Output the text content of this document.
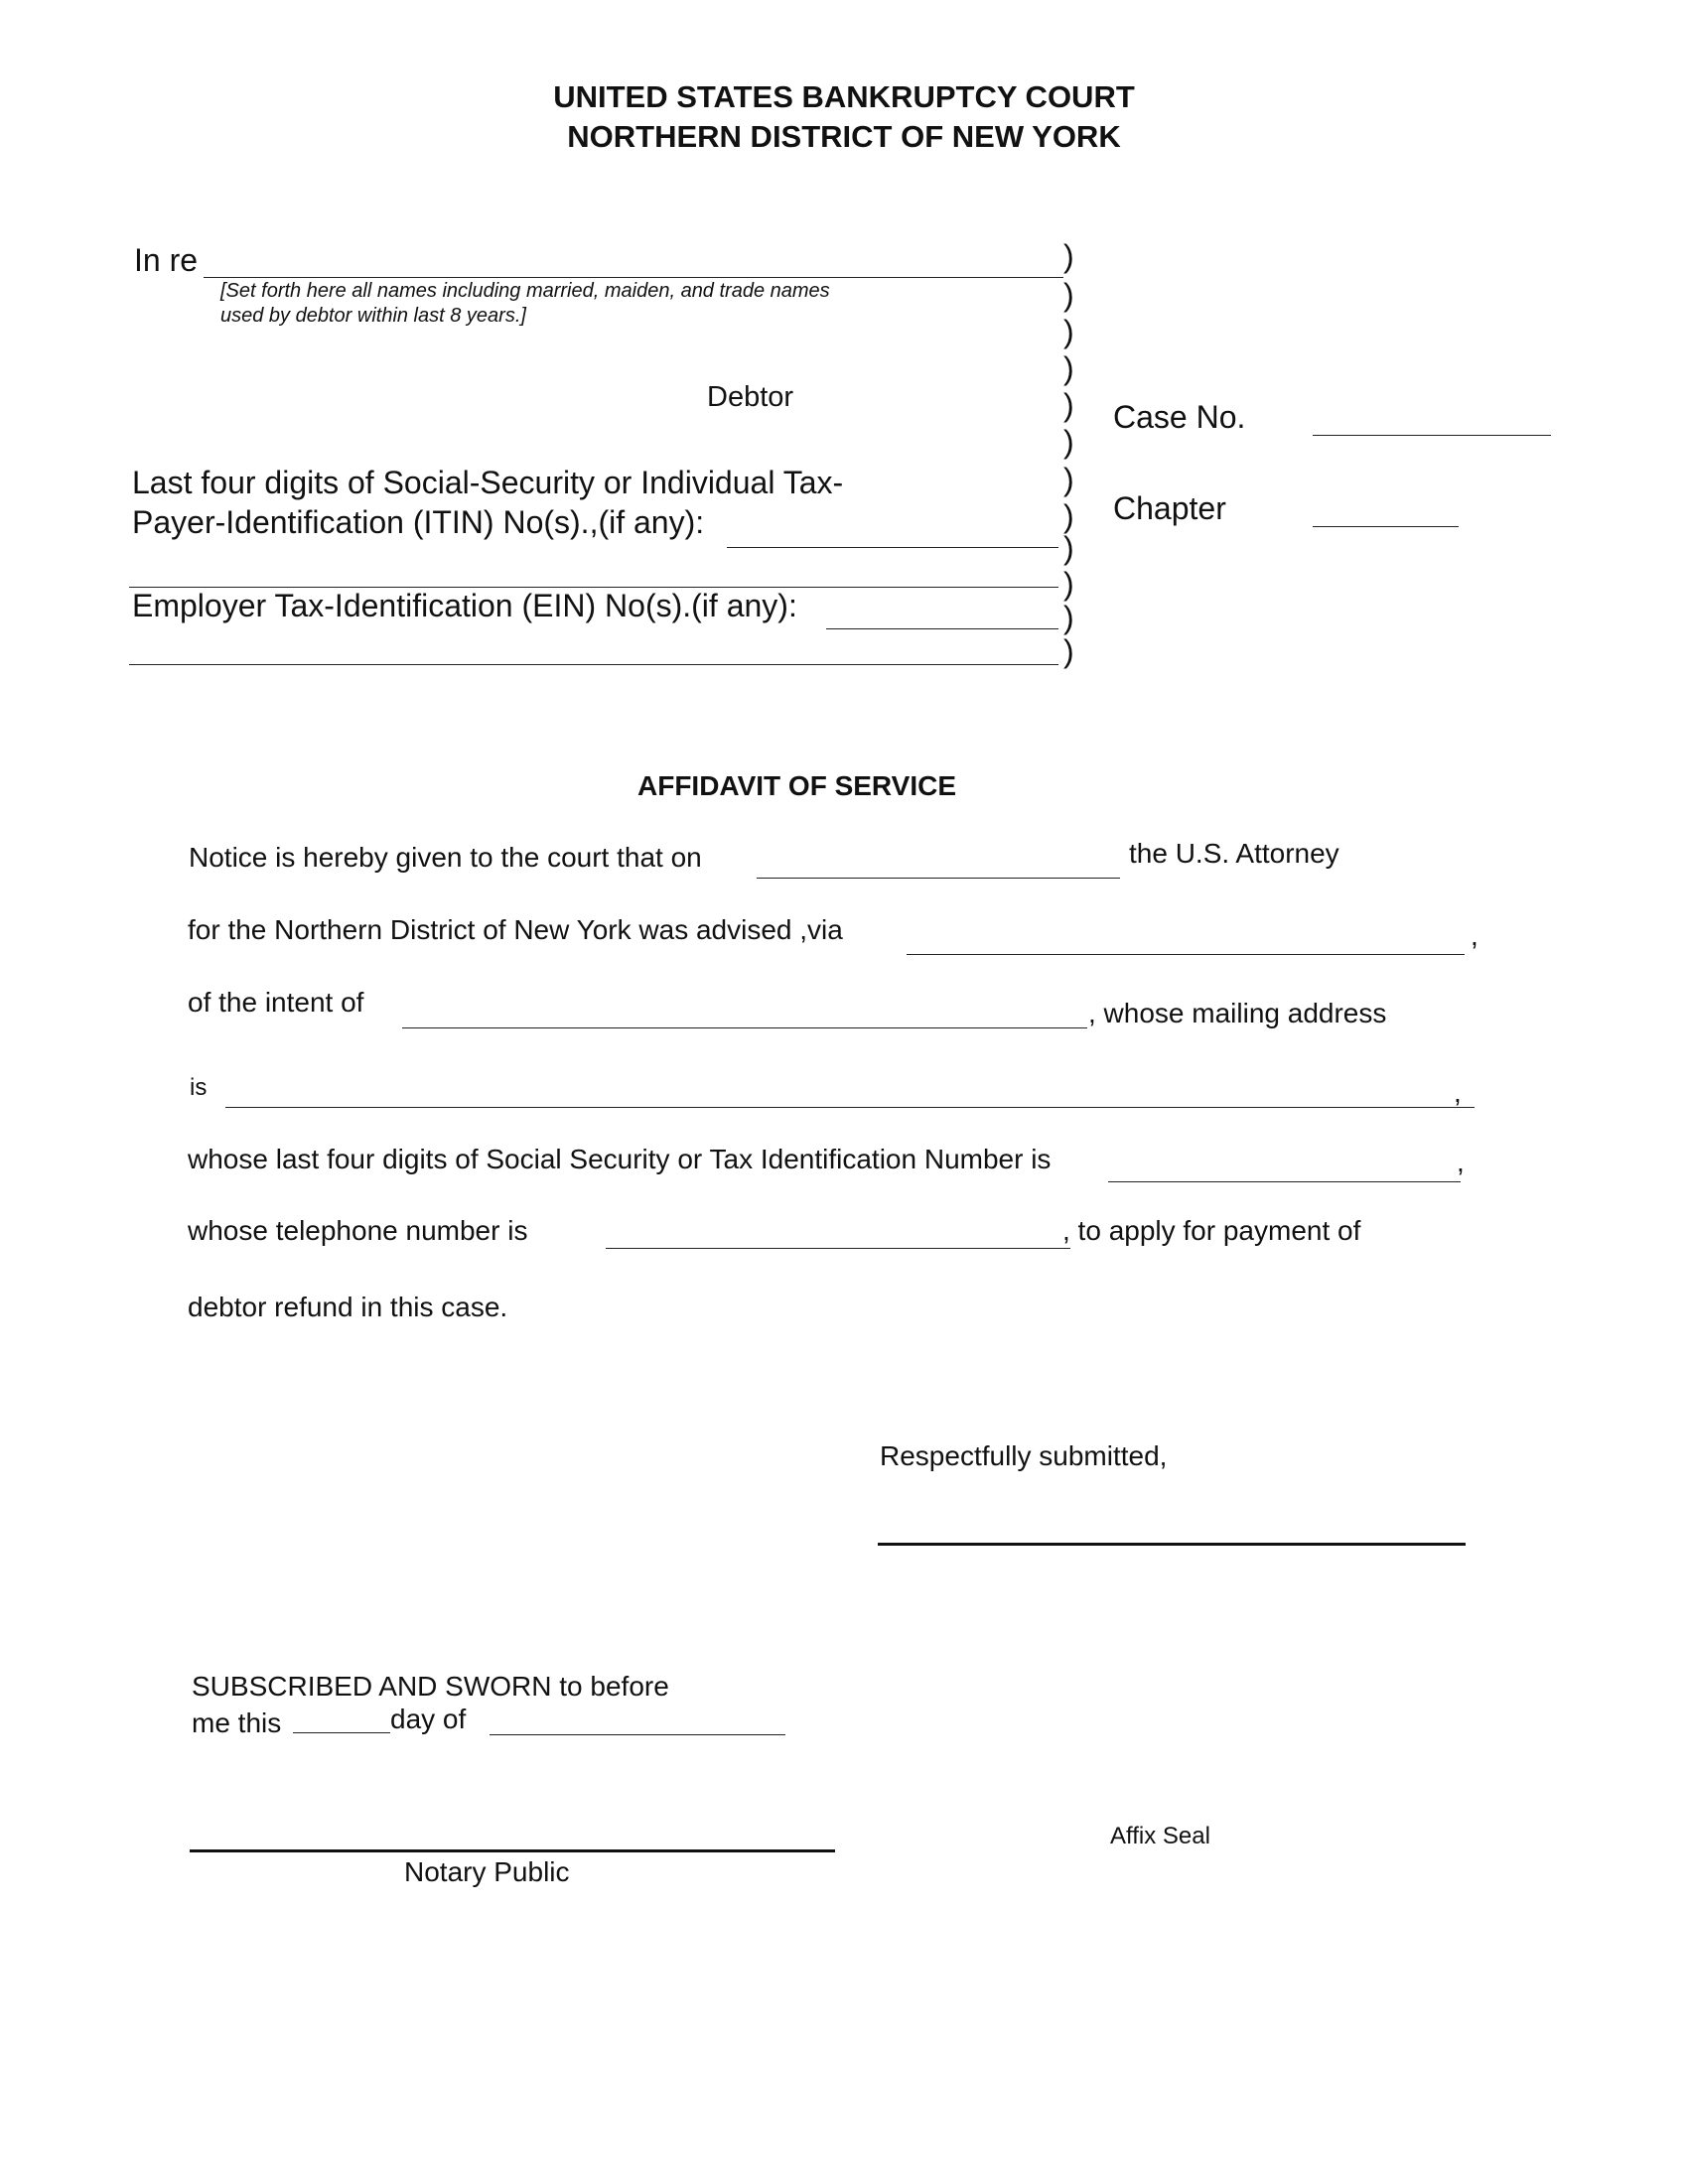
UNITED STATES BANKRUPTCY COURT
NORTHERN DISTRICT OF NEW YORK
In re
[Set forth here all names including married, maiden, and trade names
used by debtor within last 8 years.]
Debtor
Last four digits of Social-Security or Individual Tax-
Payer-Identification (ITIN) No(s).,(if any):
Employer Tax-Identification (EIN) No(s).(if any):
)
)
)
)
)
)
)
)
)
)
)
)
Case No.
Chapter
AFFIDAVIT OF SERVICE
Notice is hereby given to the court that on	the U.S. Attorney
for the Northern District of New York was advised ,via	,
of the intent of	, whose mailing address
is	,
whose last four digits of Social Security or Tax Identification Number is	,
whose telephone number is	, to apply for payment of
debtor refund in this case.
Respectfully submitted,
SUBSCRIBED AND SWORN to before
me this	day of
Notary Public
Affix Seal
